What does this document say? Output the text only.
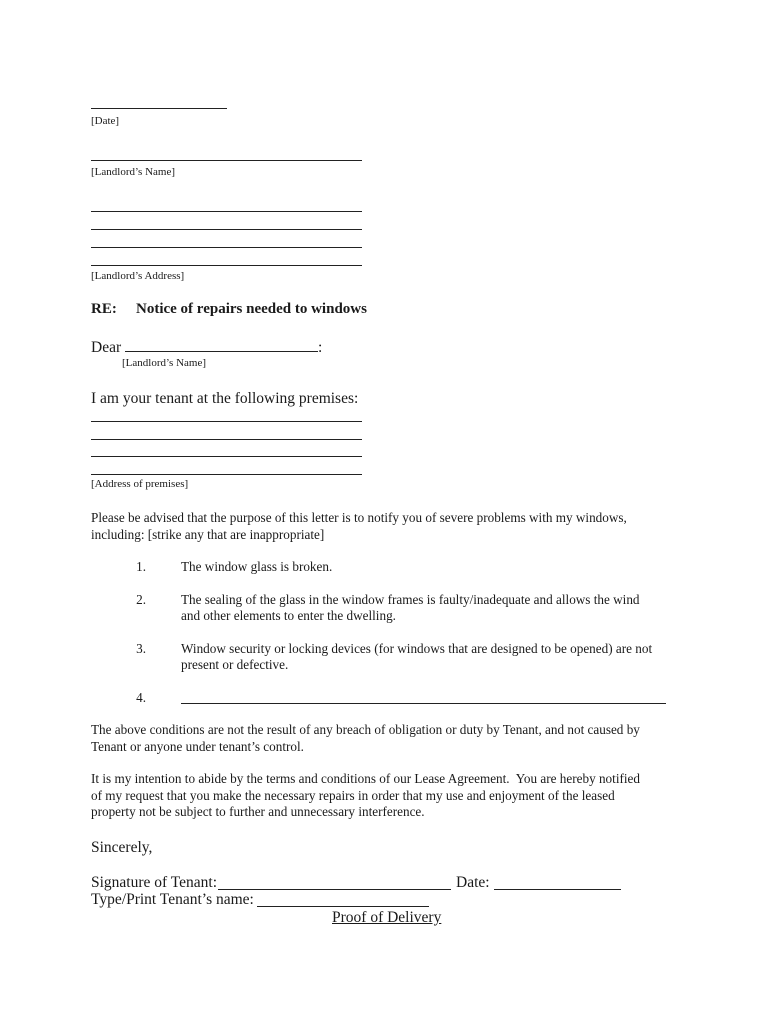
[Date]
[Landlord’s Name]
[Landlord’s Address]
RE: Notice of repairs needed to windows
Dear	:
[Landlord’s Name]
I am your tenant at the following premises:
[Address of premises]
Please be advised that the purpose of this letter is to notify you of severe problems with my windows,
including: [strike any that are inappropriate]
1.	The window glass is broken.
2.	The sealing of the glass in the window frames is faulty/inadequate and allows the wind
and other elements to enter the dwelling.
3.	Window security or locking devices (for windows that are designed to be opened) are not
present or defective.
4.
The above conditions are not the result of any breach of obligation or duty by Tenant, and not caused by
Tenant or anyone under tenant’s control.
It is my intention to abide by the terms and conditions of our Lease Agreement.  You are hereby notified
of my request that you make the necessary repairs in order that my use and enjoyment of the leased
property not be subject to further and unnecessary interference.
Sincerely,
Signature of Tenant:	Date:
Type/Print Tenant’s name:
Proof of Delivery
